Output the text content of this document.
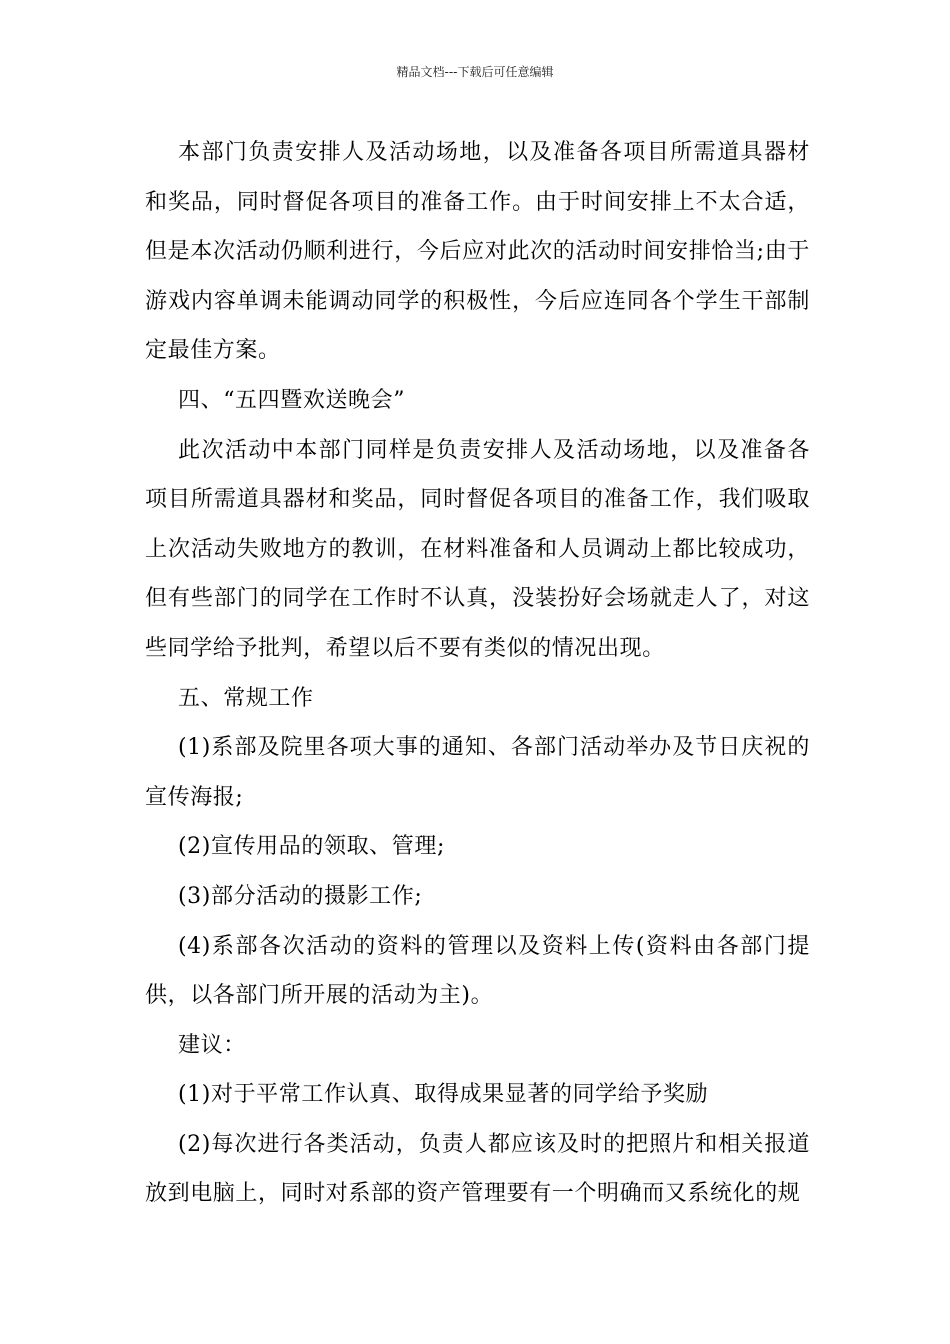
精品文档---下载后可任意编辑

本部门负责安排人及活动场地，以及准备各项目所需道具器材和奖品，同时督促各项目的准备工作。由于时间安排上不太合适，但是本次活动仍顺利进行，今后应对此次的活动时间安排恰当;由于游戏内容单调未能调动同学的积极性，今后应连同各个学生干部制定最佳方案。

四、“五四暨欢送晚会”

此次活动中本部门同样是负责安排人及活动场地，以及准备各项目所需道具器材和奖品，同时督促各项目的准备工作，我们吸取上次活动失败地方的教训，在材料准备和人员调动上都比较成功，但有些部门的同学在工作时不认真，没装扮好会场就走人了，对这些同学给予批判，希望以后不要有类似的情况出现。

五、常规工作

(1)系部及院里各项大事的通知、各部门活动举办及节日庆祝的宣传海报;

(2)宣传用品的领取、管理;

(3)部分活动的摄影工作;

(4)系部各次活动的资料的管理以及资料上传(资料由各部门提供，以各部门所开展的活动为主)。

建议：

(1)对于平常工作认真、取得成果显著的同学给予奖励

(2)每次进行各类活动，负责人都应该及时的把照片和相关报道放到电脑上，同时对系部的资产管理要有一个明确而又系统化的规
